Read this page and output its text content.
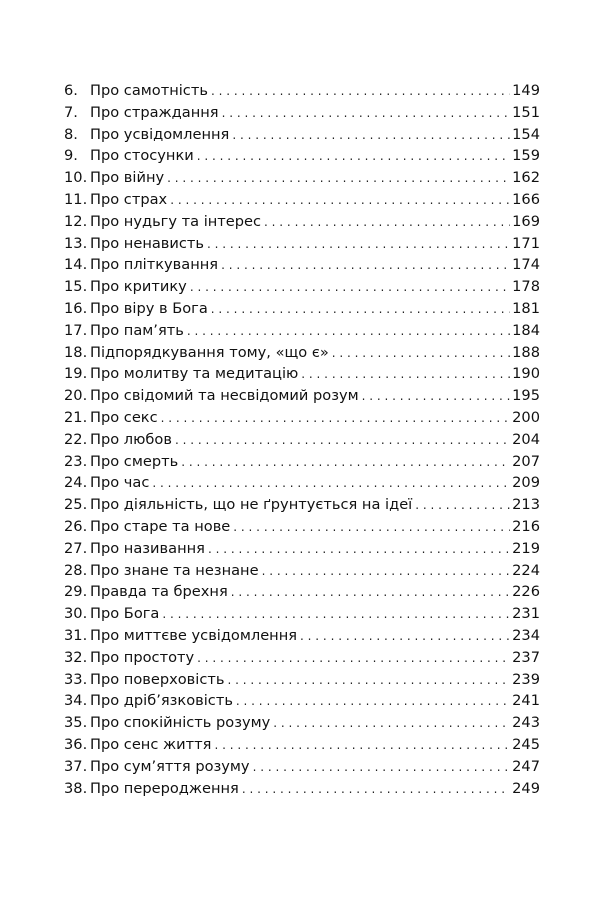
6. Про самотність . . .	149
7. Про страждання . . .	151
8. Про усвідомлення . . .	154
9. Про стосунки . . .	159
10. Про війну . . .	162
11. Про страх . . .	166
12. Про нудьгу та інтерес . . .	169
13. Про ненависть . . .	171
14. Про пліткування . . .	174
15. Про критику . . .	178
16. Про віру в Бога . . .	181
17. Про пам’ять . . .	184
18. Підпорядкування тому, «що є» . . .	188
19. Про молитву та медитацію . . .	190
20. Про свідомий та несвідомий розум . . .	195
21. Про секс . . .	200
22. Про любов . . .	204
23. Про смерть . . .	207
24. Про час . . .	209
25. Про діяльність, що не ґрунтується на ідеї . . .	213
26. Про старе та нове . . .	216
27. Про називання . . .	219
28. Про знане та незнане . . .	224
29. Правда та брехня . . .	226
30. Про Бога . . .	231
31. Про миттєве усвідомлення . . .	234
32. Про простоту . . .	237
33. Про поверховість . . .	239
34. Про дріб’язковість . . .	241
35. Про спокійність розуму . . .	243
36. Про сенс життя . . .	245
37. Про сум’яття розуму . . .	247
38. Про переродження . . .	249
